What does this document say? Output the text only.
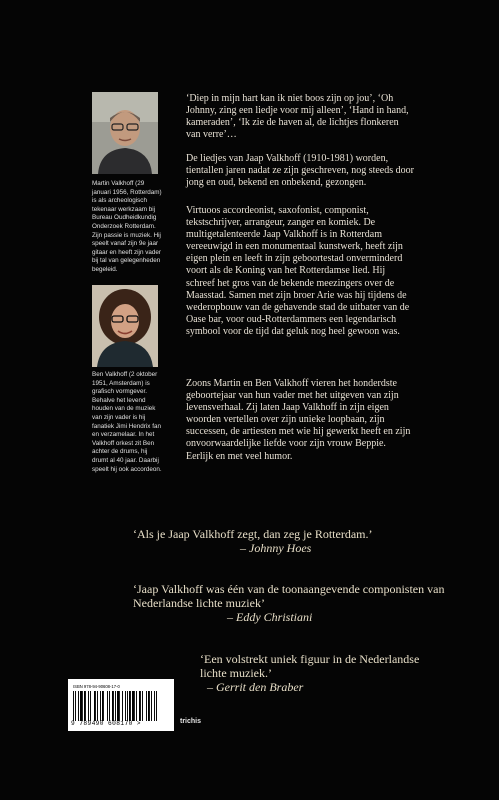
Martin Valkhoff (29 januari 1956, Rotterdam) is als archeologisch tekenaar werkzaam bij Bureau Oudheidkundig Onderzoek Rotterdam. Zijn passie is muziek. Hij speelt vanaf zijn 9e jaar gitaar en heeft zijn vader bij tal van gelegenheden begeleid.
Ben Valkhoff (2 oktober 1951, Amsterdam) is grafisch vormgever. Behalve het levend houden van de muziek van zijn vader is hij fanatiek Jimi Hendrix fan en verzamelaar. In het Valkhoff orkest zit Ben achter de drums, hij drumt al 40 jaar. Daarbij speelt hij ook accordeon.

‘Diep in mijn hart kan ik niet boos zijn op jou’, ‘Oh Johnny, zing een liedje voor mij alleen’, ‘Hand in hand, kameraden’, ‘Ik zie de haven al, de lichtjes flonkeren van verre’…

De liedjes van Jaap Valkhoff (1910-1981) worden, tientallen jaren nadat ze zijn geschreven, nog steeds door jong en oud, bekend en onbekend, gezongen.

Virtuoos accordeonist, saxofonist, componist, tekstschrijver, arrangeur, zanger en komiek. De multigetalenteerde Jaap Valkhoff is in Rotterdam vereeuwigd in een monumentaal kunstwerk, heeft zijn eigen plein en leeft in zijn geboortestad onverminderd voort als de Koning van het Rotterdamse lied. Hij schreef het gros van de bekende meezingers over de Maasstad. Samen met zijn broer Arie was hij tijdens de wederopbouw van de gehavende stad de uitbater van de Oase bar, voor oud-Rotterdammers een legendarisch symbool voor de tijd dat geluk nog heel gewoon was.

Zoons Martin en Ben Valkhoff vieren het honderdste geboortejaar van hun vader met het uitgeven van zijn levensverhaal. Zij laten Jaap Valkhoff in zijn eigen woorden vertellen over zijn unieke loopbaan, zijn successen, de artiesten met wie hij gewerkt heeft en zijn onvoorwaardelijke liefde voor zijn vrouw Beppie. Eerlijk en met veel humor.

‘Als je Jaap Valkhoff zegt, dan zeg je Rotterdam.’
– Johnny Hoes
‘Jaap Valkhoff was één van de toonaangevende componisten van Nederlandse lichte muziek’
– Eddy Christiani
‘Een volstrekt uniek figuur in de Nederlandse lichte muziek.’
– Gerrit den Braber
ISBN 978-94-90608-17-0
9 789490 608170 >	trichis
